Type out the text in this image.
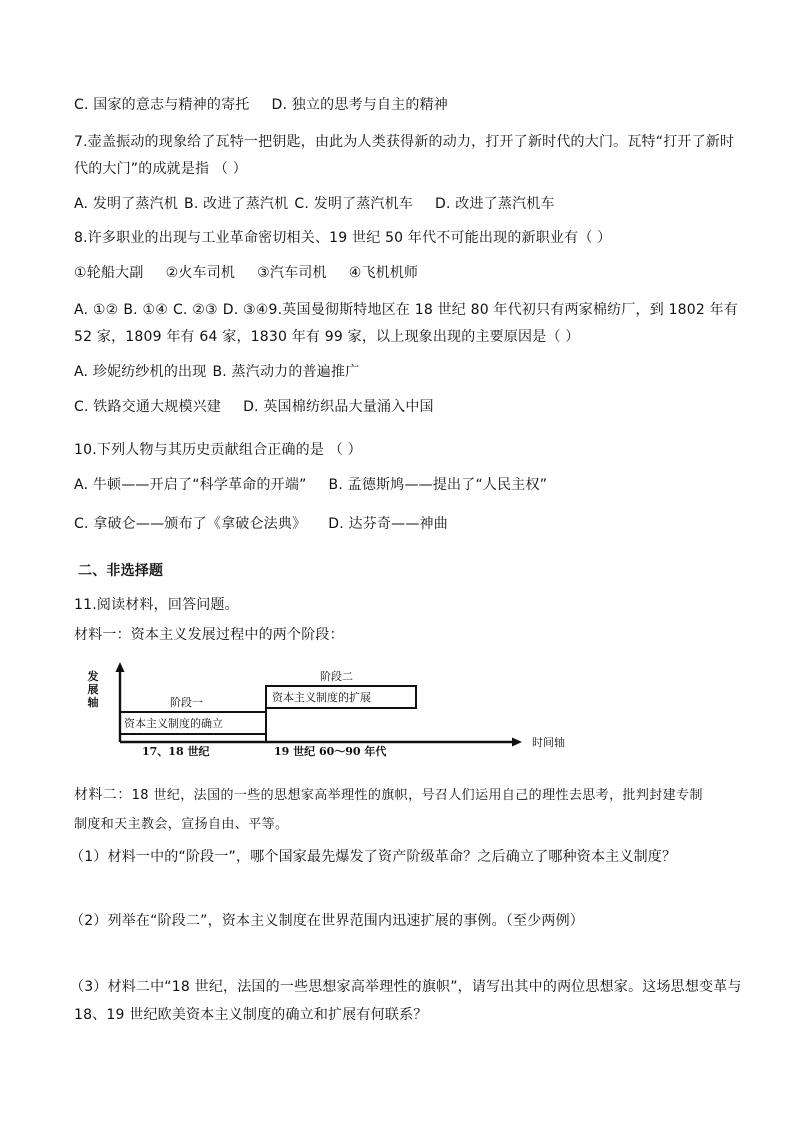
C. 国家的意志与精神的寄托 D. 独立的思考与自主的精神
7.壶盖振动的现象给了瓦特一把钥匙，由此为人类获得新的动力，打开了新时代的大门。瓦特“打开了新时
代的大门”的成就是指 （ ）
A. 发明了蒸汽机 B. 改进了蒸汽机 C. 发明了蒸汽机车 D. 改进了蒸汽机车
8.许多职业的出现与工业革命密切相关、19 世纪 50 年代不可能出现的新职业有（ ）
①轮船大副 ②火车司机 ③汽车司机 ④飞机机师
A. ①② B. ①④ C. ②③ D. ③④9.英国曼彻斯特地区在 18 世纪 80 年代初只有两家棉纺厂，到 1802 年有
52 家，1809 年有 64 家，1830 年有 99 家，以上现象出现的主要原因是（ ）
A. 珍妮纺纱机的出现 B. 蒸汽动力的普遍推广
C. 铁路交通大规模兴建 D. 英国棉纺织品大量涌入中国
10.下列人物与其历史贡献组合正确的是 （ ）
A. 牛顿——开启了“科学革命的开端” B. 孟德斯鸠——提出了“人民主权”
C. 拿破仑——颁布了《拿破仑法典》 D. 达芬奇——神曲
二、非选择题
11.阅读材料，回答问题。
材料一：资本主义发展过程中的两个阶段：
发
展
轴	阶段一
资本主义制度的确立
阶段二
资本主义制度的扩展
17、18 世纪	19 世纪 60～90 年代
时间轴
材料二：18 世纪，法国的一些的思想家高举理性的旗帜，号召人们运用自己的理性去思考，批判封建专制
制度和天主教会，宣扬自由、平等。
（1）材料一中的“阶段一”，哪个国家最先爆发了资产阶级革命？之后确立了哪种资本主义制度？
（2）列举在“阶段二”，资本主义制度在世界范围内迅速扩展的事例。（至少两例）
（3）材料二中“18 世纪，法国的一些思想家高举理性的旗帜”，请写出其中的两位思想家。这场思想变革与
18、19 世纪欧美资本主义制度的确立和扩展有何联系？
